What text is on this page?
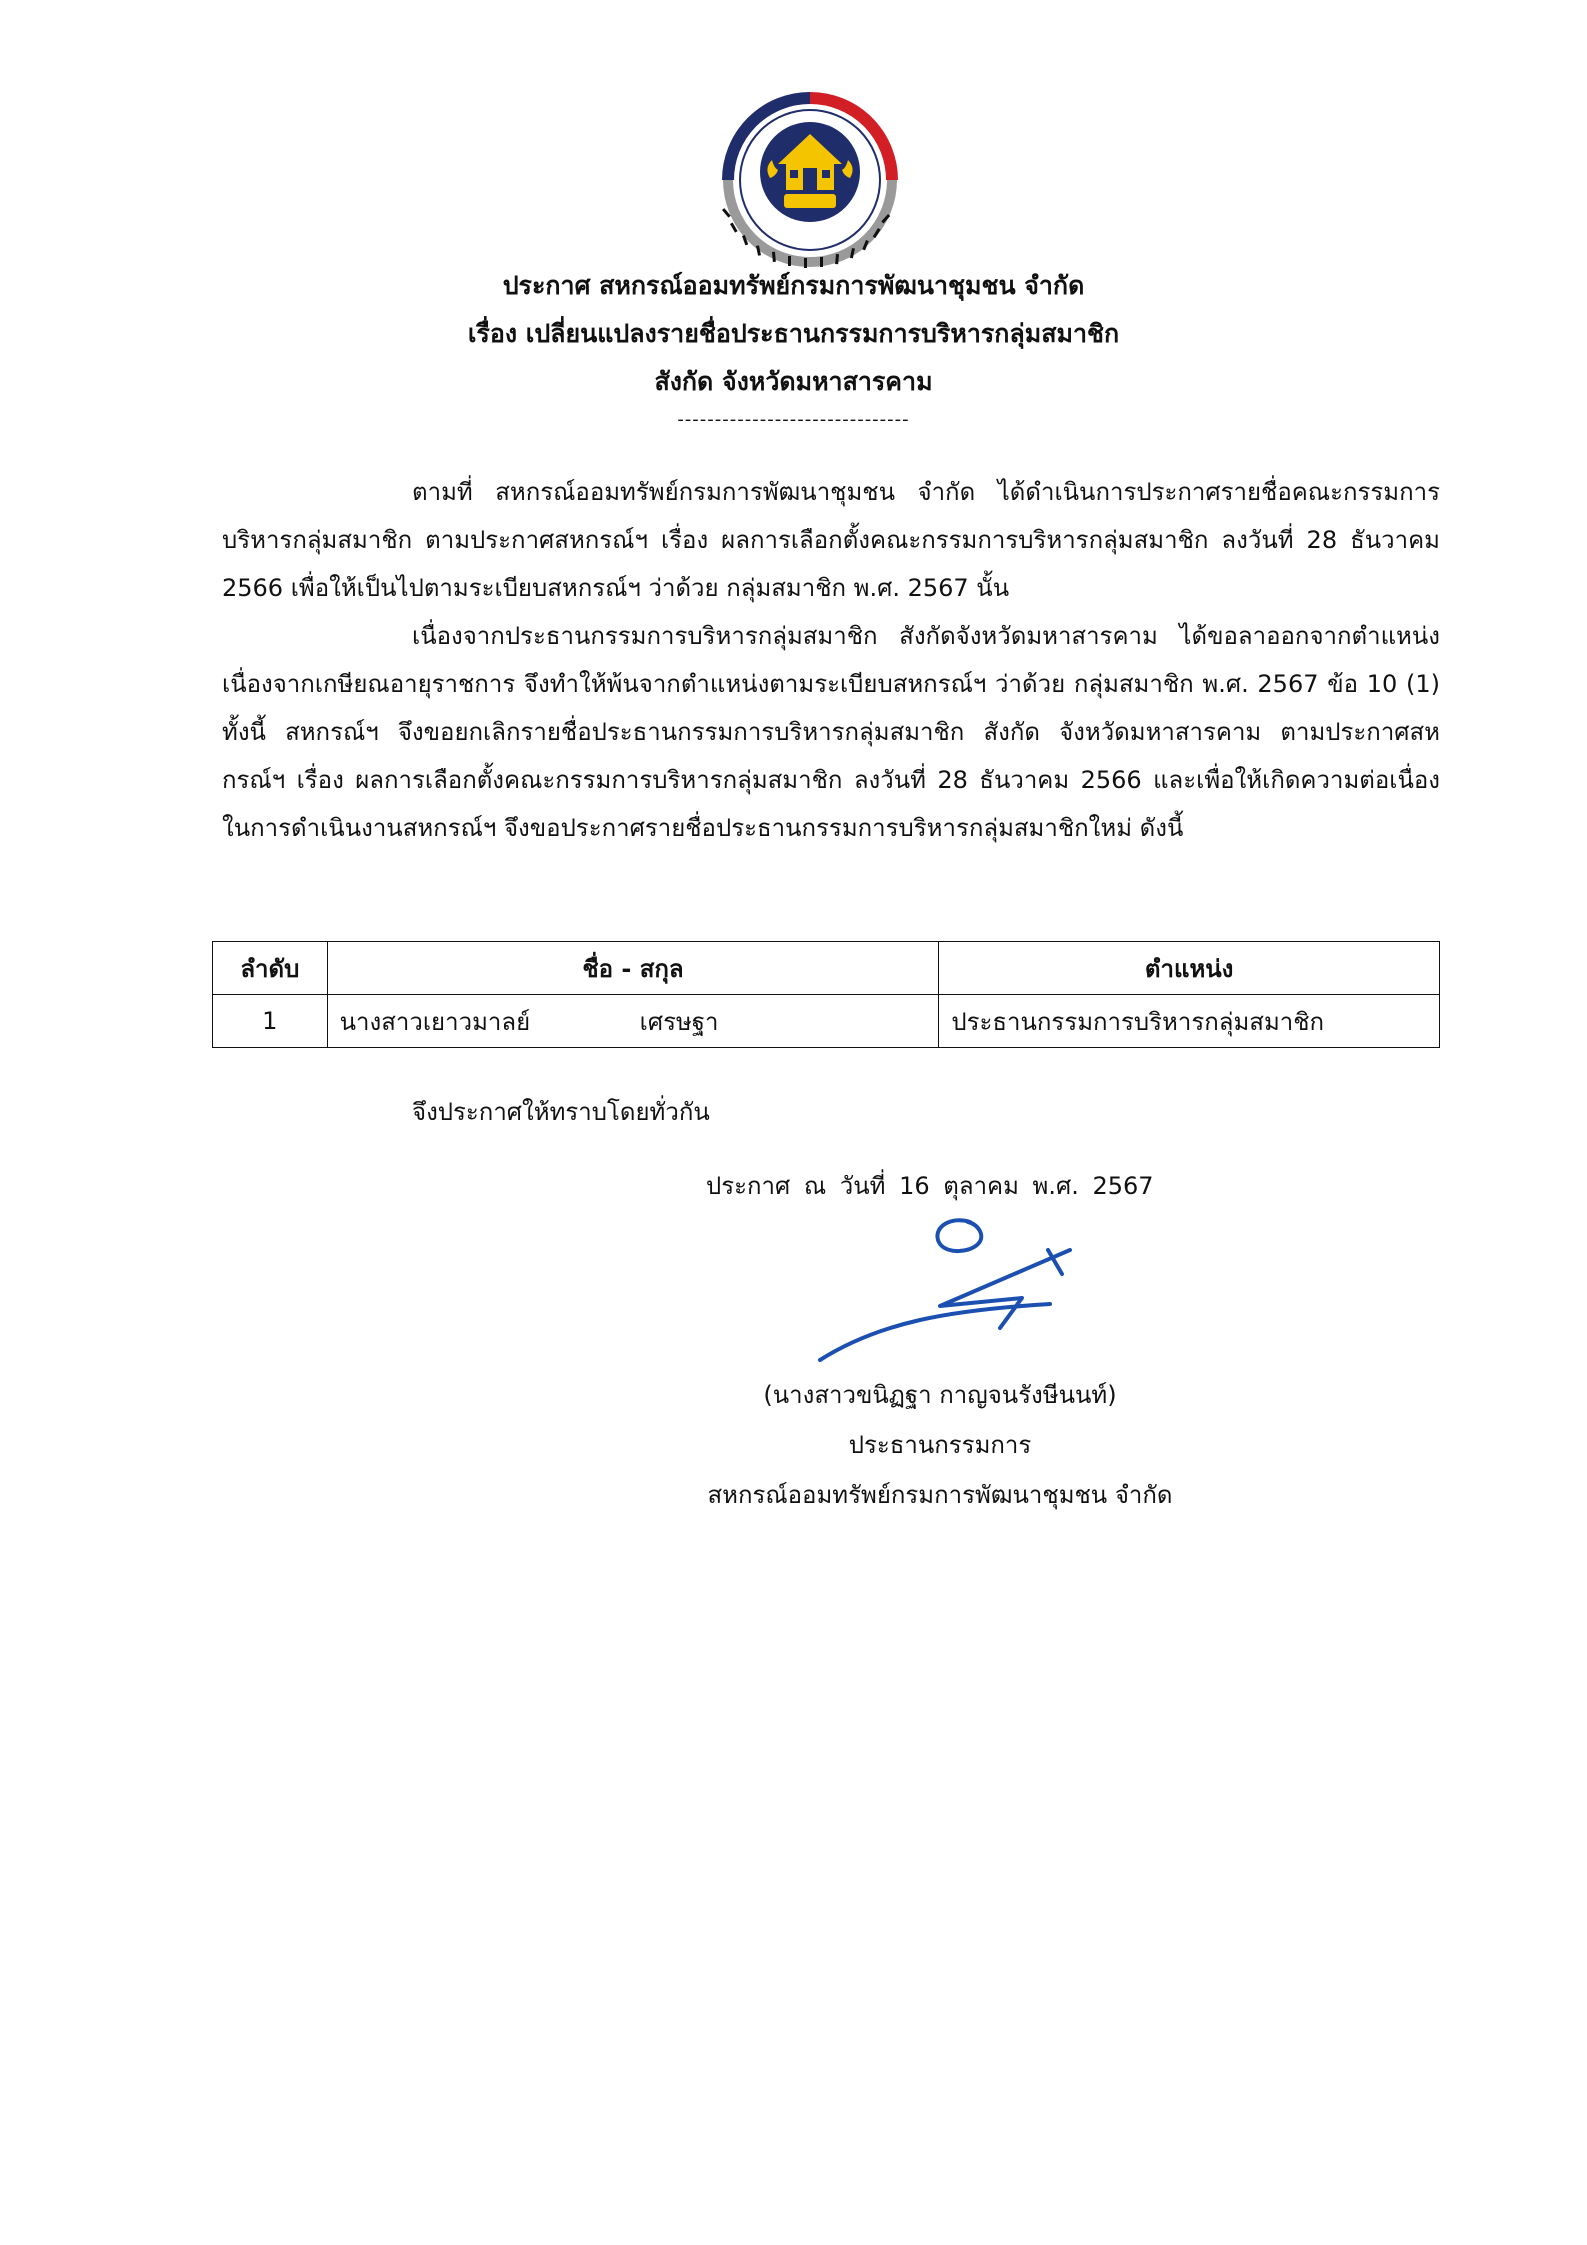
ประกาศ สหกรณ์ออมทรัพย์กรมการพัฒนาชุมชน จำกัด
เรื่อง เปลี่ยนแปลงรายชื่อประธานกรรมการบริหารกลุ่มสมาชิก
สังกัด จังหวัดมหาสารคาม
-------------------------------

ตามที่ สหกรณ์ออมทรัพย์กรมการพัฒนาชุมชน จำกัด ได้ดำเนินการประกาศรายชื่อคณะกรรมการบริหารกลุ่มสมาชิก ตามประกาศสหกรณ์ฯ เรื่อง ผลการเลือกตั้งคณะกรรมการบริหารกลุ่มสมาชิก ลงวันที่ 28 ธันวาคม 2566 เพื่อให้เป็นไปตามระเบียบสหกรณ์ฯ ว่าด้วย กลุ่มสมาชิก พ.ศ. 2567 นั้น

เนื่องจากประธานกรรมการบริหารกลุ่มสมาชิก สังกัดจังหวัดมหาสารคาม ได้ขอลาออกจากตำแหน่งเนื่องจากเกษียณอายุราชการ จึงทำให้พ้นจากตำแหน่งตามระเบียบสหกรณ์ฯ ว่าด้วย กลุ่มสมาชิก พ.ศ. 2567 ข้อ 10 (1) ทั้งนี้ สหกรณ์ฯ จึงขอยกเลิกรายชื่อประธานกรรมการบริหารกลุ่มสมาชิก สังกัด จังหวัดมหาสารคาม ตามประกาศสหกรณ์ฯ เรื่อง ผลการเลือกตั้งคณะกรรมการบริหารกลุ่มสมาชิก ลงวันที่ 28 ธันวาคม 2566 และเพื่อให้เกิดความต่อเนื่องในการดำเนินงานสหกรณ์ฯ จึงขอประกาศรายชื่อประธานกรรมการบริหารกลุ่มสมาชิกใหม่ ดังนี้

ลำดับ	ชื่อ - สกุล	ตำแหน่ง
1	นางสาวเยาวมาลย์ เศรษฐา	ประธานกรรมการบริหารกลุ่มสมาชิก
จึงประกาศให้ทราบโดยทั่วกัน
ประกาศ ณ วันที่ 16 ตุลาคม พ.ศ. 2567
(นางสาวขนิฏฐา กาญจนรังษีนนท์)
ประธานกรรมการ
สหกรณ์ออมทรัพย์กรมการพัฒนาชุมชน จำกัด
